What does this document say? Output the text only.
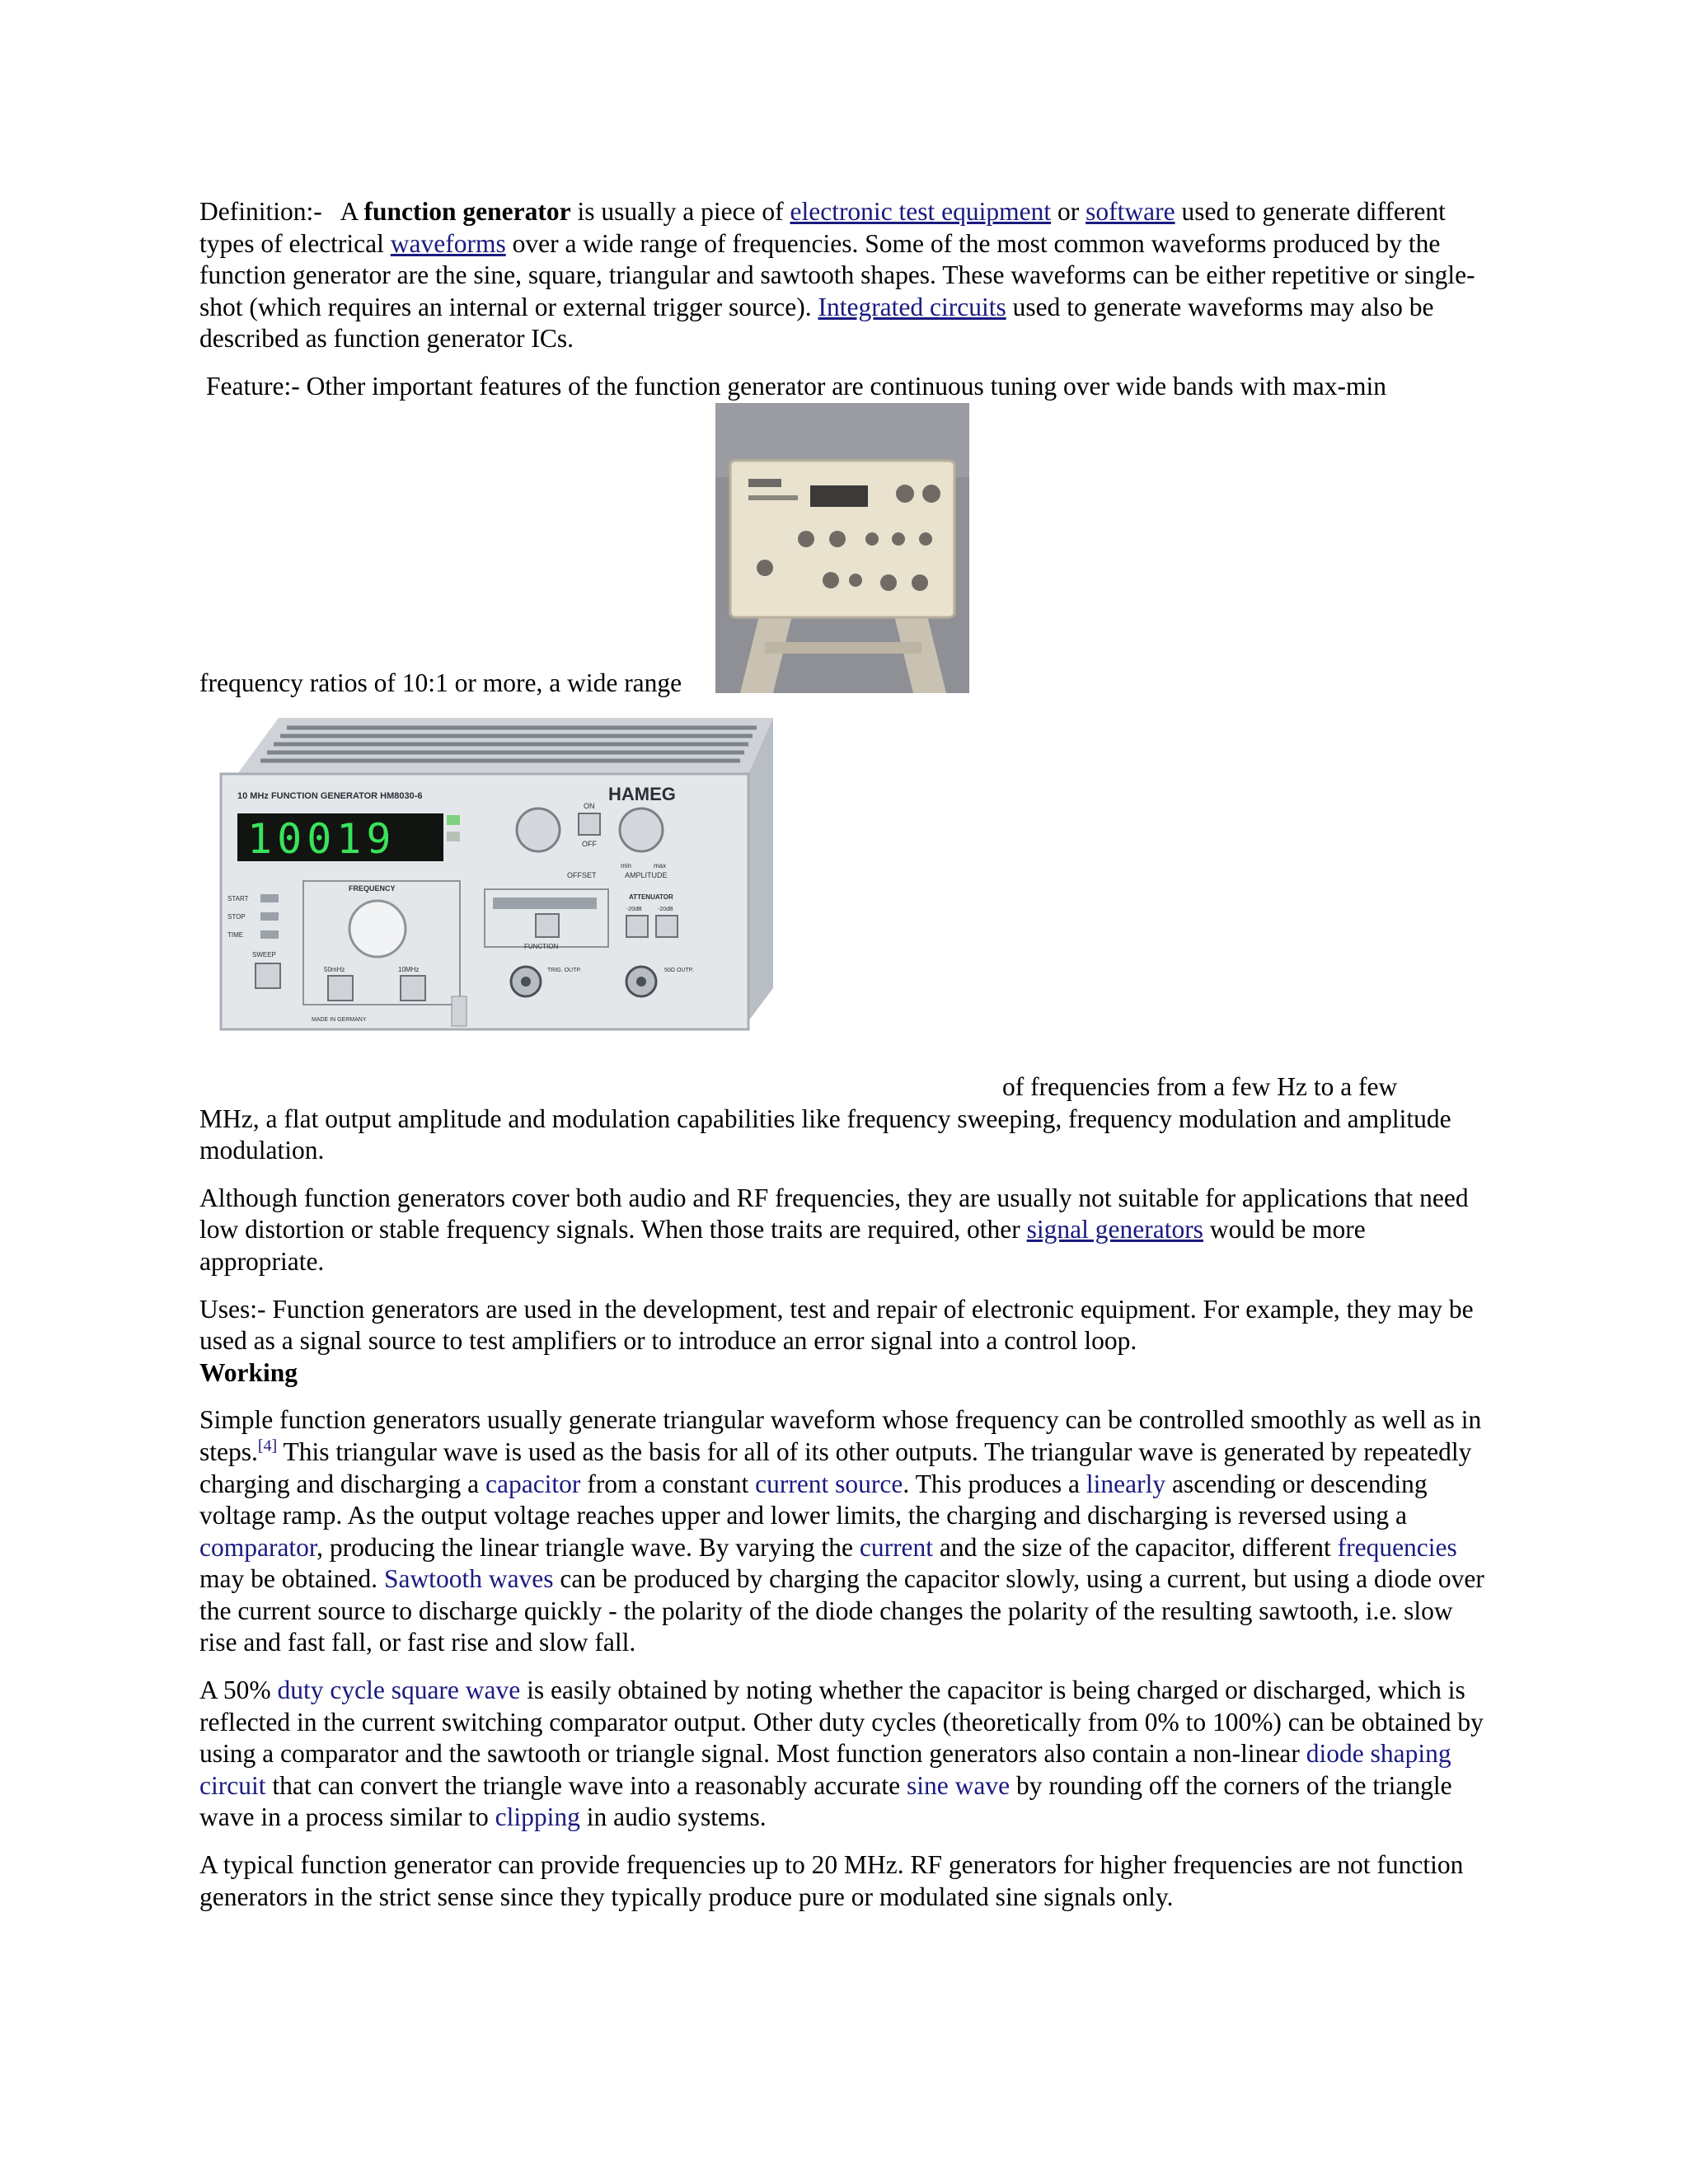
Definition:- A function generator is usually a piece of electronic test equipment or software used to generate different types of electrical waveforms over a wide range of frequencies. Some of the most common waveforms produced by the function generator are the sine, square, triangular and sawtooth shapes. These waveforms can be either repetitive or single-shot (which requires an internal or external trigger source). Integrated circuits used to generate waveforms may also be described as function generator ICs.

Feature:- Other important features of the function generator are continuous tuning over wide bands with max-min

frequency ratios of 10:1 or more, a wide range
10 MHz FUNCTION GENERATOR HM8030-6	HAMEG
10019
ON
OFF
OFFSET	AMPLITUDE
min	max
FREQUENCY
50mHz	10MHz
START
STOP
TIME
SWEEP
FUNCTION
ATTENUATOR
-20dB	-20dB
TRIG. OUTP.	50Ω OUTP.
MADE IN GERMANY
of frequencies from a few Hz to a few

MHz, a flat output amplitude and modulation capabilities like frequency sweeping, frequency modulation and amplitude modulation.

Although function generators cover both audio and RF frequencies, they are usually not suitable for applications that need low distortion or stable frequency signals. When those traits are required, other signal generators would be more appropriate.

Uses:- Function generators are used in the development, test and repair of electronic equipment. For example, they may be used as a signal source to test amplifiers or to introduce an error signal into a control loop.

Working

Simple function generators usually generate triangular waveform whose frequency can be controlled smoothly as well as in steps.[4] This triangular wave is used as the basis for all of its other outputs. The triangular wave is generated by repeatedly charging and discharging a capacitor from a constant current source. This produces a linearly ascending or descending voltage ramp. As the output voltage reaches upper and lower limits, the charging and discharging is reversed using a comparator, producing the linear triangle wave. By varying the current and the size of the capacitor, different frequencies may be obtained. Sawtooth waves can be produced by charging the capacitor slowly, using a current, but using a diode over the current source to discharge quickly - the polarity of the diode changes the polarity of the resulting sawtooth, i.e. slow rise and fast fall, or fast rise and slow fall.

A 50% duty cycle square wave is easily obtained by noting whether the capacitor is being charged or discharged, which is reflected in the current switching comparator output. Other duty cycles (theoretically from 0% to 100%) can be obtained by using a comparator and the sawtooth or triangle signal. Most function generators also contain a non-linear diode shaping circuit that can convert the triangle wave into a reasonably accurate sine wave by rounding off the corners of the triangle wave in a process similar to clipping in audio systems.

A typical function generator can provide frequencies up to 20 MHz. RF generators for higher frequencies are not function generators in the strict sense since they typically produce pure or modulated sine signals only.
